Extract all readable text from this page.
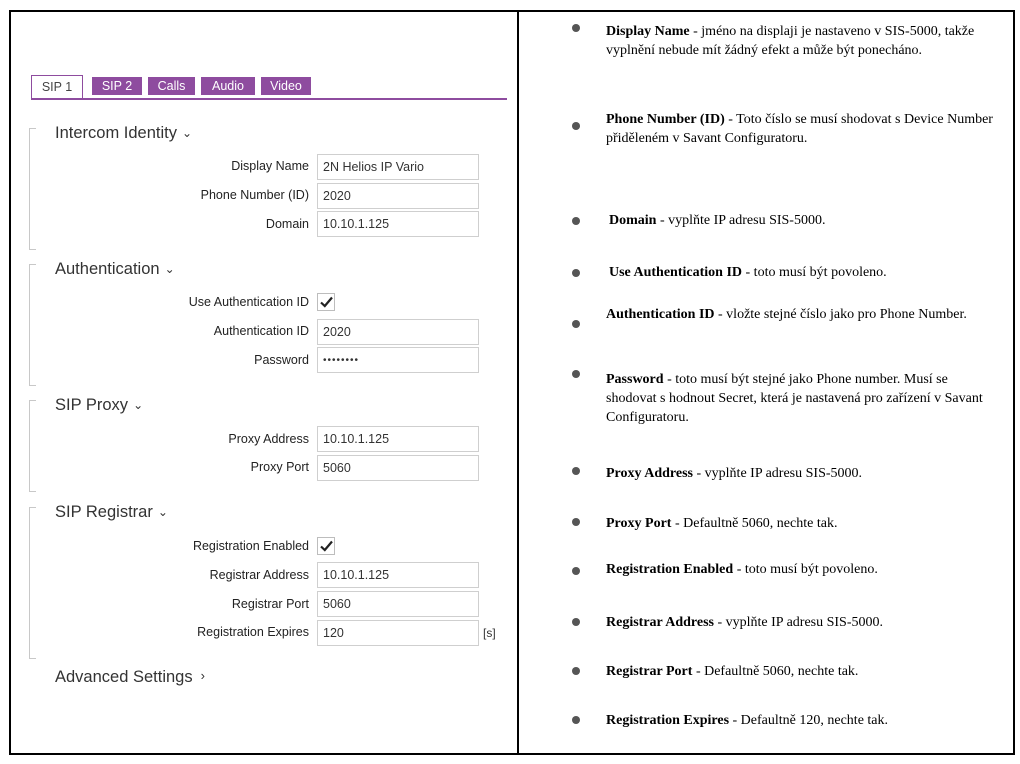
SIP 1	SIP 2	Calls	Audio	Video
Intercom Identity ⌄
Display Name	2N Helios IP Vario
Phone Number (ID)	2020
Domain	10.10.1.125
Authentication ⌄
Use Authentication ID
Authentication ID	2020
Password	••••••••
SIP Proxy ⌄
Proxy Address	10.10.1.125
Proxy Port	5060
SIP Registrar ⌄
Registration Enabled
Registrar Address	10.10.1.125
Registrar Port	5060
Registration Expires	120	[s]
Advanced Settings ›
Display Name - jméno na displaji je nastaveno v SIS-5000, takže vyplnění nebude mít žádný efekt a může být ponecháno.
Phone Number (ID) - Toto číslo se musí shodovat s Device Number přiděleném v Savant Configuratoru.
Domain - vyplňte IP adresu SIS-5000.
Use Authentication ID - toto musí být povoleno.
Authentication ID - vložte stejné číslo jako pro Phone Number.
Password - toto musí být stejné jako Phone number. Musí se shodovat s hodnout Secret, která je nastavená pro zařízení v Savant Configuratoru.
Proxy Address - vyplňte IP adresu SIS-5000.
Proxy Port - Defaultně 5060, nechte tak.
Registration Enabled - toto musí být povoleno.
Registrar Address - vyplňte IP adresu SIS-5000.
Registrar Port - Defaultně 5060, nechte tak.
Registration Expires - Defaultně 120, nechte tak.
